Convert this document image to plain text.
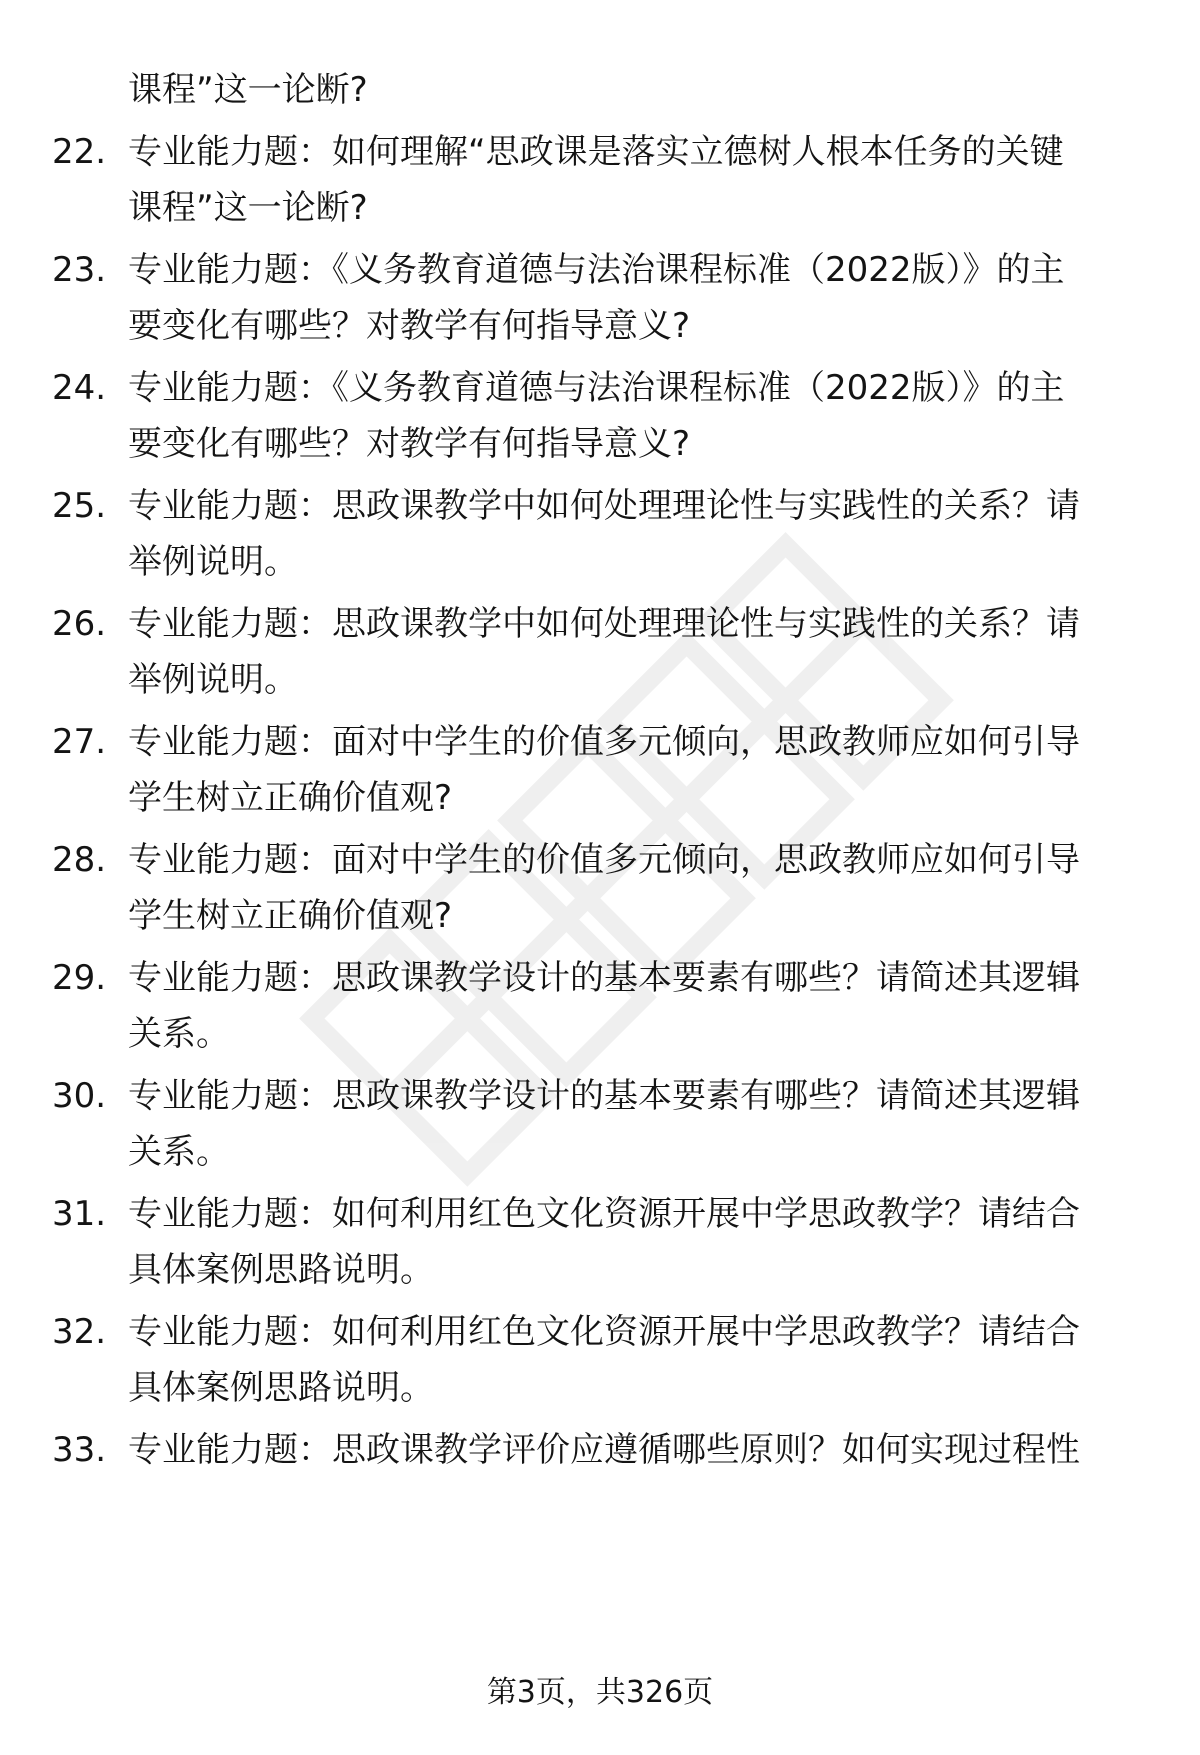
课程”这一论断?
22. 专业能力题：如何理解“思政课是落实立德树人根本任务的关键
课程”这一论断?
23. 专业能力题：《义务教育道德与法治课程标准（2022版）》的主
要变化有哪些？对教学有何指导意义?
24. 专业能力题：《义务教育道德与法治课程标准（2022版）》的主
要变化有哪些？对教学有何指导意义?
25. 专业能力题：思政课教学中如何处理理论性与实践性的关系？请
举例说明。
26. 专业能力题：思政课教学中如何处理理论性与实践性的关系？请
举例说明。
27. 专业能力题：面对中学生的价值多元倾向，思政教师应如何引导
学生树立正确价值观?
28. 专业能力题：面对中学生的价值多元倾向，思政教师应如何引导
学生树立正确价值观?
29. 专业能力题：思政课教学设计的基本要素有哪些？请简述其逻辑
关系。
30. 专业能力题：思政课教学设计的基本要素有哪些？请简述其逻辑
关系。
31. 专业能力题：如何利用红色文化资源开展中学思政教学？请结合
具体案例思路说明。
32. 专业能力题：如何利用红色文化资源开展中学思政教学？请结合
具体案例思路说明。
33. 专业能力题：思政课教学评价应遵循哪些原则？如何实现过程性
第3页，共326页
